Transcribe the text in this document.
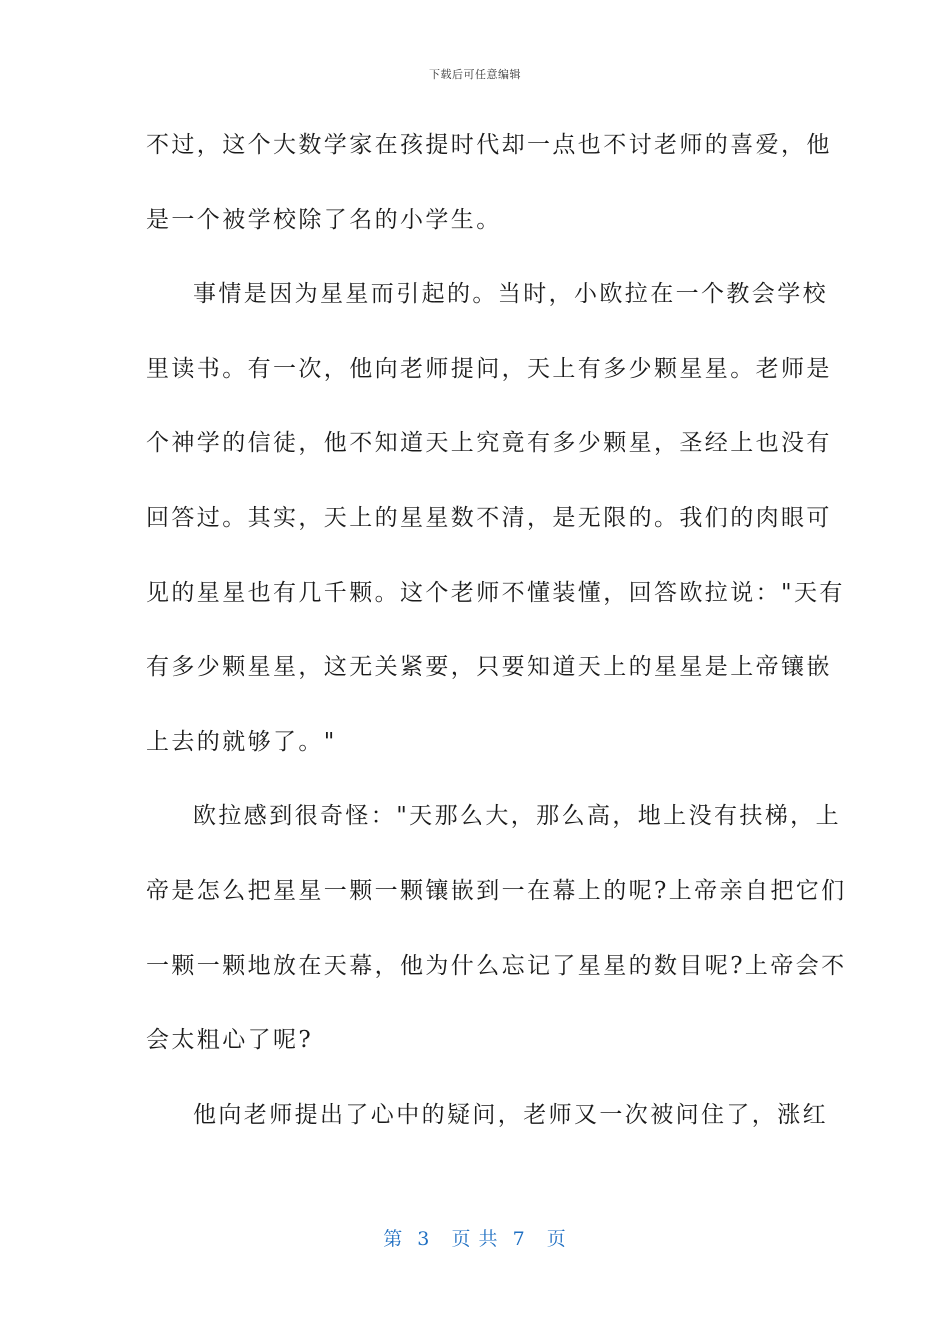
下载后可任意编辑
不过，这个大数学家在孩提时代却一点也不讨老师的喜爱，他
是一个被学校除了名的小学生。
事情是因为星星而引起的。当时，小欧拉在一个教会学校
里读书。有一次，他向老师提问，天上有多少颗星星。老师是
个神学的信徒，他不知道天上究竟有多少颗星，圣经上也没有
回答过。其实，天上的星星数不清，是无限的。我们的肉眼可
见的星星也有几千颗。这个老师不懂装懂，回答欧拉说："天有
有多少颗星星，这无关紧要，只要知道天上的星星是上帝镶嵌
上去的就够了。"
欧拉感到很奇怪："天那么大，那么高，地上没有扶梯，上
帝是怎么把星星一颗一颗镶嵌到一在幕上的呢?上帝亲自把它们
一颗一颗地放在天幕，他为什么忘记了星星的数目呢?上帝会不
会太粗心了呢?
他向老师提出了心中的疑问，老师又一次被问住了，涨红
第  3   页 共  7   页
